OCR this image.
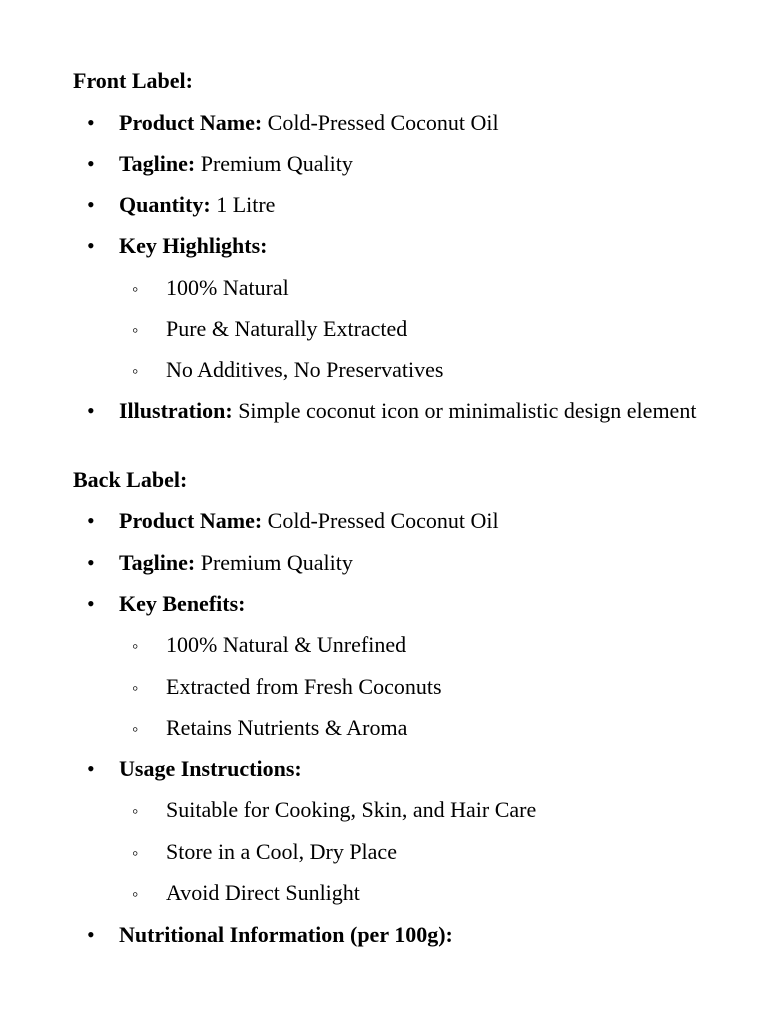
Front Label:
•
Product Name: Cold-Pressed Coconut Oil
•
Tagline: Premium Quality
•
Quantity: 1 Litre
•
Key Highlights:
◦
100% Natural
◦
Pure & Naturally Extracted
◦
No Additives, No Preservatives
•
Illustration: Simple coconut icon or minimalistic design element
Back Label:
•
Product Name: Cold-Pressed Coconut Oil
•
Tagline: Premium Quality
•
Key Benefits:
◦
100% Natural & Unrefined
◦
Extracted from Fresh Coconuts
◦
Retains Nutrients & Aroma
•
Usage Instructions:
◦
Suitable for Cooking, Skin, and Hair Care
◦
Store in a Cool, Dry Place
◦
Avoid Direct Sunlight
•
Nutritional Information (per 100g):
